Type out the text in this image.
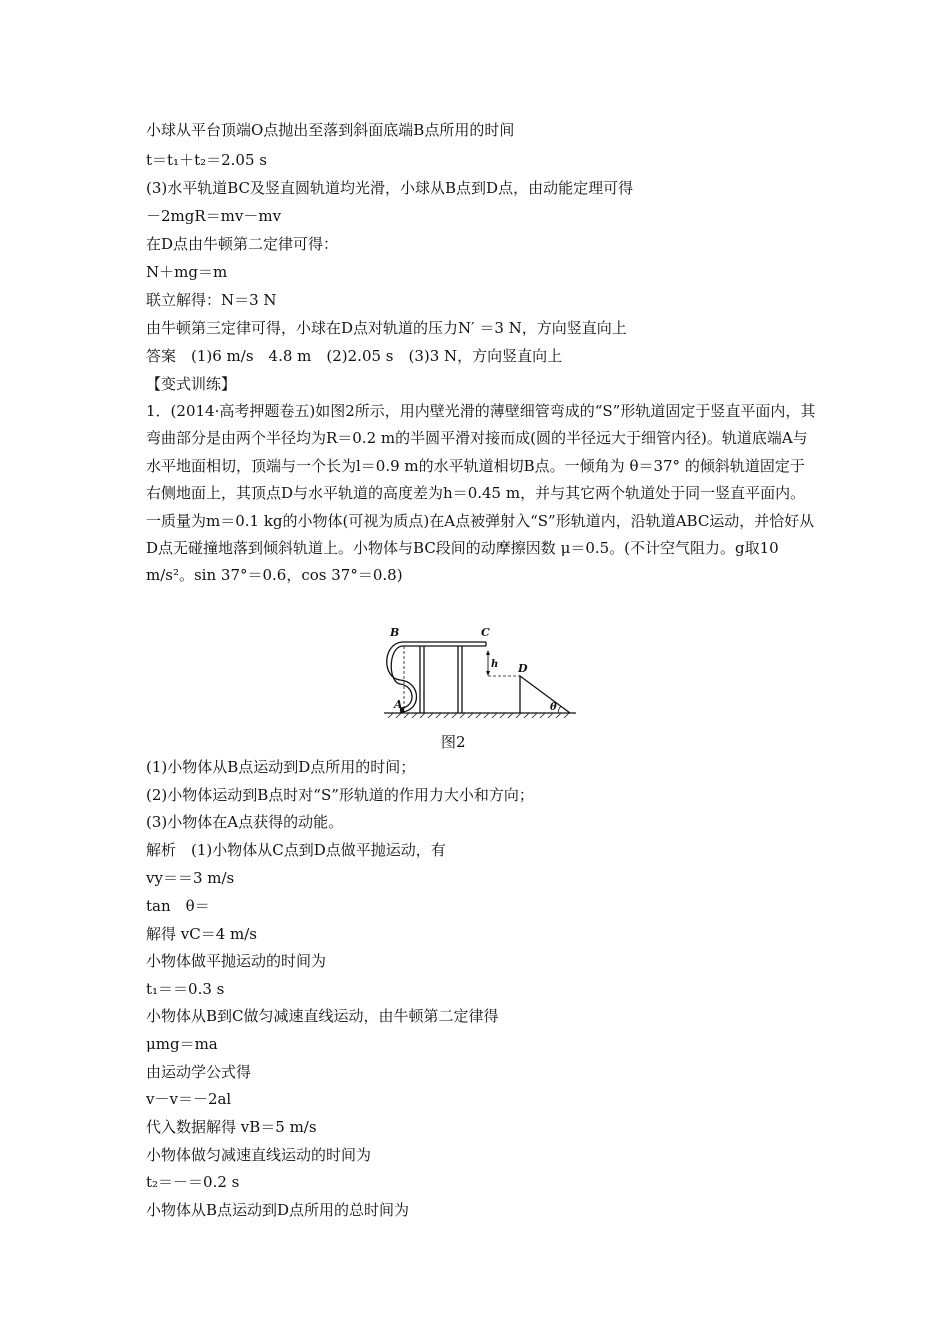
小球从平台顶端O点抛出至落到斜面底端B点所用的时间
t＝t₁＋t₂＝2.05 s
(3)水平轨道BC及竖直圆轨道均光滑，小球从B点到D点，由动能定理可得
－2mgR＝mv－mv
在D点由牛顿第二定律可得：
N＋mg＝m
联立解得：N＝3 N
由牛顿第三定律可得，小球在D点对轨道的压力N′ ＝3 N，方向竖直向上
答案　(1)6 m/s　4.8 m　(2)2.05 s　(3)3 N，方向竖直向上
【变式训练】

1．(2014·高考押题卷五)如图2所示，用内壁光滑的薄壁细管弯成的“S”形轨道固定于竖直平面内，其弯曲部分是由两个半径均为R＝0.2 m的半圆平滑对接而成(圆的半径远大于细管内径)。轨道底端A与水平地面相切，顶端与一个长为l＝0.9 m的水平轨道相切B点。一倾角为 θ＝37° 的倾斜轨道固定于右侧地面上，其顶点D与水平轨道的高度差为h＝0.45 m，并与其它两个轨道处于同一竖直平面内。一质量为m＝0.1 kg的小物体(可视为质点)在A点被弹射入“S”形轨道内，沿轨道ABC运动，并恰好从D点无碰撞地落到倾斜轨道上。小物体与BC段间的动摩擦因数 μ＝0.5。(不计空气阻力。g取10 m/s²。sin 37°＝0.6，cos 37°＝0.8)

B	C
D
A
h
θ
图2
(1)小物体从B点运动到D点所用的时间；
(2)小物体运动到B点时对“S”形轨道的作用力大小和方向；
(3)小物体在A点获得的动能。
解析　(1)小物体从C点到D点做平抛运动，有
vy＝＝3 m/s
tan　θ＝
解得 vC＝4 m/s
小物体做平抛运动的时间为
t₁＝＝0.3 s
小物体从B到C做匀减速直线运动，由牛顿第二定律得
μmg＝ma
由运动学公式得
v－v＝－2al
代入数据解得 vB＝5 m/s
小物体做匀减速直线运动的时间为
t₂＝－＝0.2 s
小物体从B点运动到D点所用的总时间为
